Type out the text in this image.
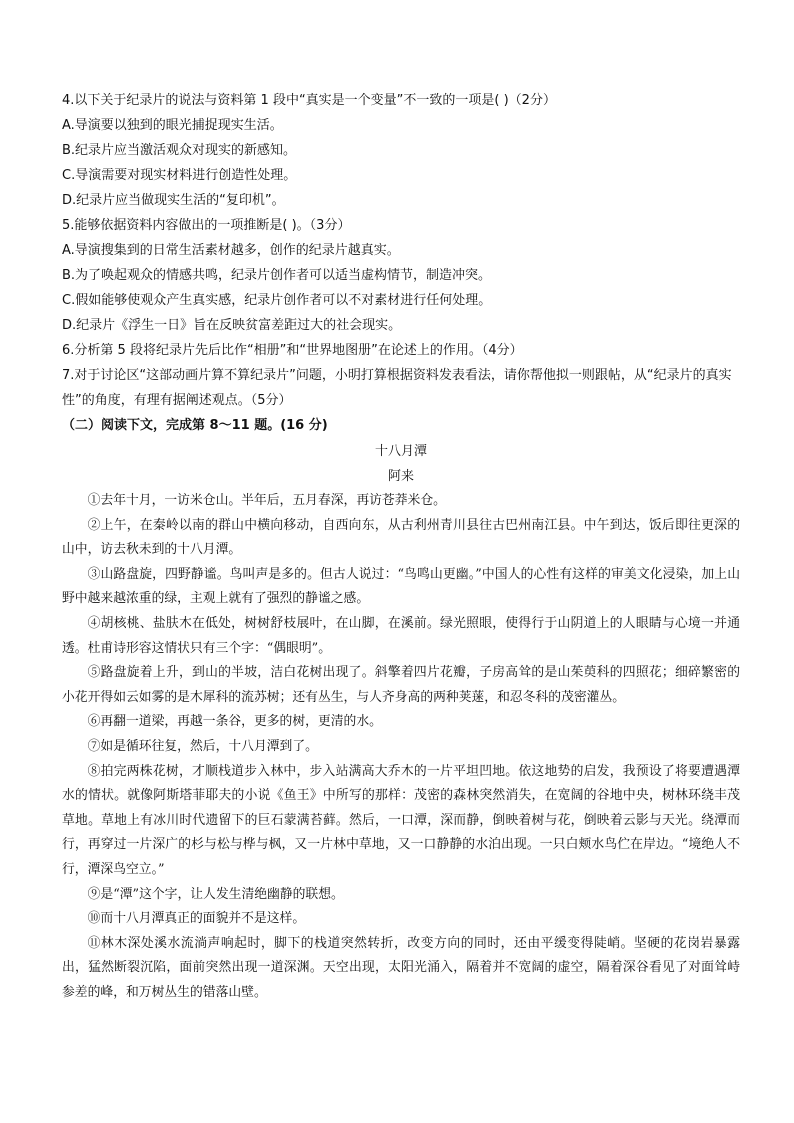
4.以下关于纪录片的说法与资料第 1 段中“真实是一个变量”不一致的一项是( )（2分）

A.导演要以独到的眼光捕捉现实生活。

B.纪录片应当激活观众对现实的新感知。

C.导演需要对现实材料进行创造性处理。

D.纪录片应当做现实生活的“复印机”。

5.能够依据资料内容做出的一项推断是( )。（3分）

A.导演搜集到的日常生活素材越多，创作的纪录片越真实。

B.为了唤起观众的情感共鸣，纪录片创作者可以适当虚构情节，制造冲突。

C.假如能够使观众产生真实感，纪录片创作者可以不对素材进行任何处理。

D.纪录片《浮生一日》旨在反映贫富差距过大的社会现实。

6.分析第 5 段将纪录片先后比作“相册”和“世界地图册”在论述上的作用。（4分）

7.对于讨论区“这部动画片算不算纪录片”问题，小明打算根据资料发表看法，请你帮他拟一则跟帖，从“纪录片的真实性”的角度，有理有据阐述观点。（5分）

（二）阅读下文，完成第 8～11 题。(16 分)

十八月潭

阿来

①去年十月，一访米仓山。半年后，五月春深，再访苍莽米仓。

②上午，在秦岭以南的群山中横向移动，自西向东，从古利州青川县往古巴州南江县。中午到达，饭后即往更深的山中，访去秋未到的十八月潭。

③山路盘旋，四野静谧。鸟叫声是多的。但古人说过：“鸟鸣山更幽。”中国人的心性有这样的审美文化浸染，加上山野中越来越浓重的绿，主观上就有了强烈的静谧之感。

④胡核桃、盐肤木在低处，树树舒枝展叶，在山脚，在溪前。绿光照眼，使得行于山阴道上的人眼睛与心境一并通透。杜甫诗形容这情状只有三个字：“偶眼明”。

⑤路盘旋着上升，到山的半坡，洁白花树出现了。斜擎着四片花瓣，子房高耸的是山茱萸科的四照花；细碎繁密的小花开得如云如雾的是木犀科的流苏树；还有丛生，与人齐身高的两种荚蒾，和忍冬科的茂密灌丛。

⑥再翻一道梁，再越一条谷，更多的树，更清的水。

⑦如是循环往复，然后，十八月潭到了。

⑧拍完两株花树，才顺栈道步入林中，步入站满高大乔木的一片平坦凹地。依这地势的启发，我预设了将要遭遇潭水的情状。就像阿斯塔菲耶夫的小说《鱼王》中所写的那样：茂密的森林突然消失，在宽阔的谷地中央，树林环绕丰茂草地。草地上有冰川时代遗留下的巨石蒙满苔藓。然后，一口潭，深而静，倒映着树与花，倒映着云影与天光。绕潭而行，再穿过一片深广的杉与松与桦与枫，又一片林中草地，又一口静静的水泊出现。一只白颊水鸟伫在岸边。“境绝人不行，潭深鸟空立。”

⑨是“潭”这个字，让人发生清绝幽静的联想。

⑩而十八月潭真正的面貌并不是这样。

⑪林木深处溪水流淌声响起时，脚下的栈道突然转折，改变方向的同时，还由平缓变得陡峭。坚硬的花岗岩暴露出，猛然断裂沉陷，面前突然出现一道深渊。天空出现，太阳光涌入，隔着并不宽阔的虚空，隔着深谷看见了对面耸峙参差的峰，和万树丛生的错落山壁。
